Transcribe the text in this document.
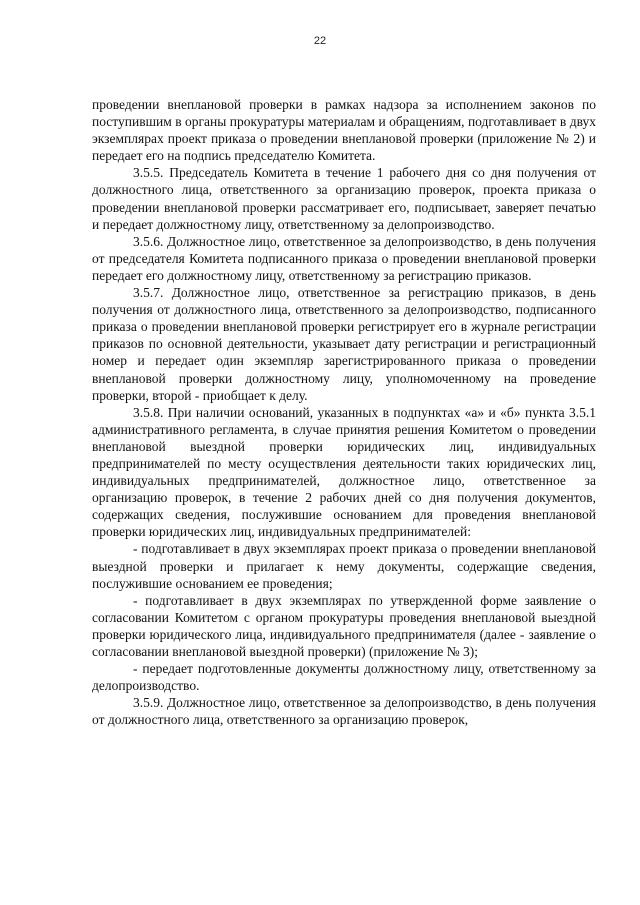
22

проведении внеплановой проверки в рамках надзора за исполнением законов по поступившим в органы прокуратуры материалам и обращениям, подготавливает в двух экземплярах проект приказа о проведении внеплановой проверки (приложение № 2) и передает его на подпись председателю Комитета.

3.5.5. Председатель Комитета в течение 1 рабочего дня со дня получения от должностного лица, ответственного за организацию проверок, проекта приказа о проведении внеплановой проверки рассматривает его, подписывает, заверяет печатью и передает должностному лицу, ответственному за делопроизводство.

3.5.6. Должностное лицо, ответственное за делопроизводство, в день получения от председателя Комитета подписанного приказа о проведении внеплановой проверки передает его должностному лицу, ответственному за регистрацию приказов.

3.5.7. Должностное лицо, ответственное за регистрацию приказов, в день получения от должностного лица, ответственного за делопроизводство, подписанного приказа о проведении внеплановой проверки регистрирует его в журнале регистрации приказов по основной деятельности, указывает дату регистрации и регистрационный номер и передает один экземпляр зарегистрированного приказа о проведении внеплановой проверки должностному лицу, уполномоченному на проведение проверки, второй - приобщает к делу.

3.5.8. При наличии оснований, указанных в подпунктах «а» и «б» пункта 3.5.1 административного регламента, в случае принятия решения Комитетом о проведении внеплановой выездной проверки юридических лиц, индивидуальных предпринимателей по месту осуществления деятельности таких юридических лиц, индивидуальных предпринимателей, должностное лицо, ответственное за организацию проверок, в течение 2 рабочих дней со дня получения документов, содержащих сведения, послужившие основанием для проведения внеплановой проверки юридических лиц, индивидуальных предпринимателей:

- подготавливает в двух экземплярах проект приказа о проведении внеплановой выездной проверки и прилагает к нему документы, содержащие сведения, послужившие основанием ее проведения;

- подготавливает в двух экземплярах по утвержденной форме заявление о согласовании Комитетом с органом прокуратуры проведения внеплановой выездной проверки юридического лица, индивидуального предпринимателя (далее - заявление о согласовании внеплановой выездной проверки) (приложение № 3);

- передает подготовленные документы должностному лицу, ответственному за делопроизводство.

3.5.9. Должностное лицо, ответственное за делопроизводство, в день получения от должностного лица, ответственного за организацию проверок,
